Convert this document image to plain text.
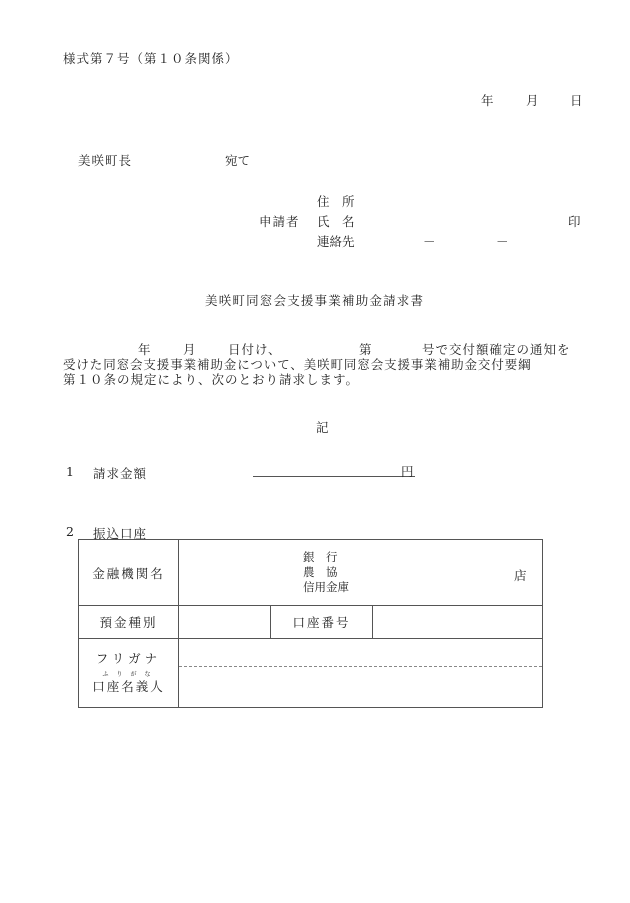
様式第７号（第１０条関係）
年	月	日
美咲町長	宛て
住　所
申請者 氏　名	印
連絡先	－	－
美咲町同窓会支援事業補助金請求書
年	月	日付け、	第	号で交付額確定の通知を
受けた同窓会支援事業補助金について、美咲町同窓会支援事業補助金交付要綱
第１０条の規定により、次のとおり請求します。
記
1 請求金額	円
2 振込口座
金融機関名	銀　行
農　協
信用金庫
店		

預金種別		口座番号	

フリガナ
ふりがな
口座名義人			
